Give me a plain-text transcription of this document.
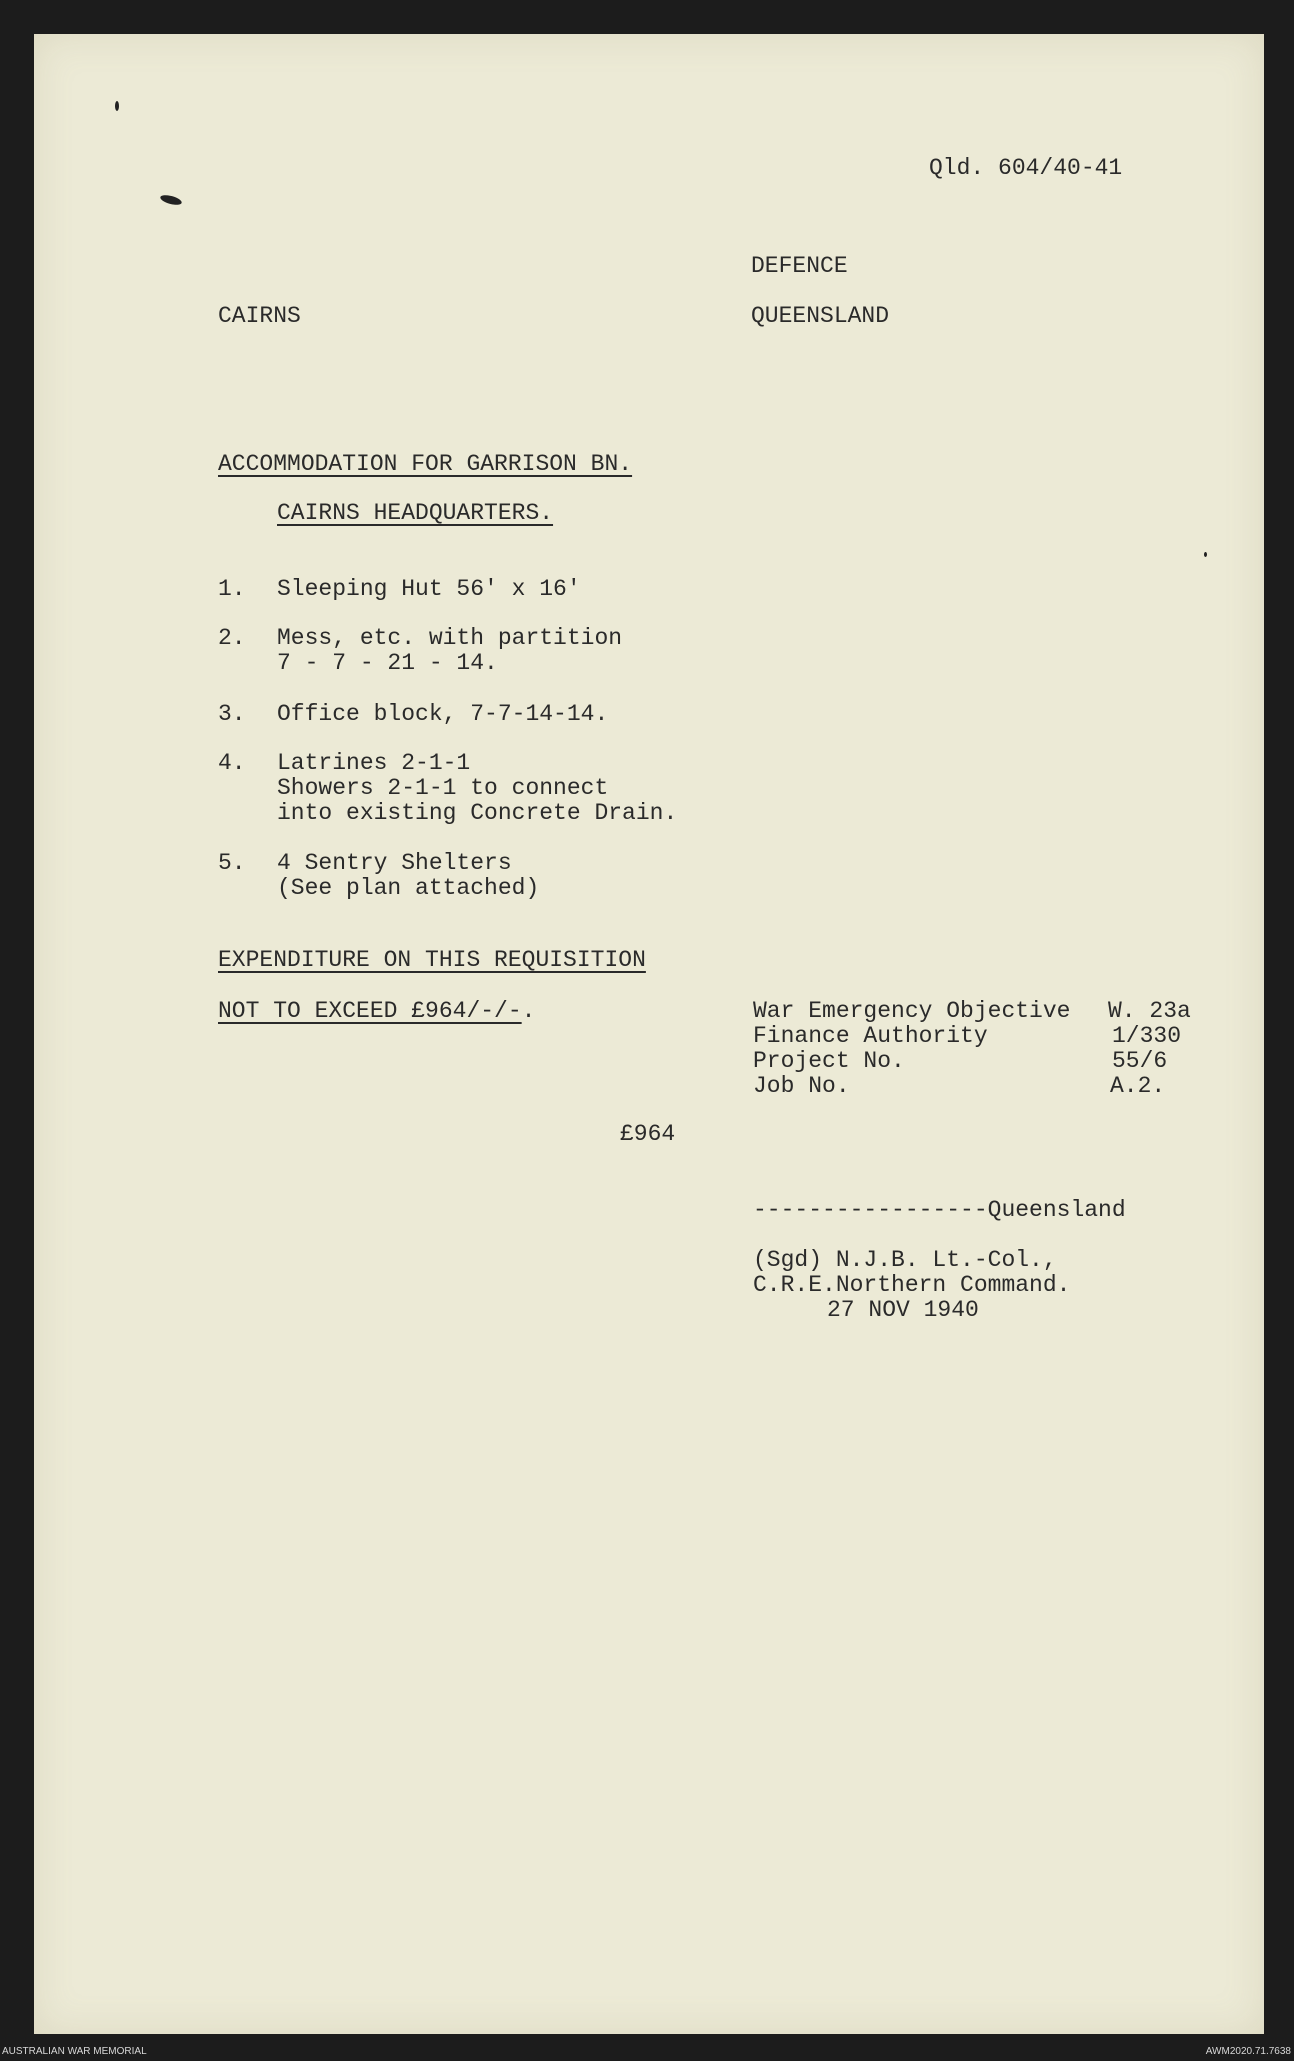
Qld. 604/40-41
DEFENCE
CAIRNS	QUEENSLAND
ACCOMMODATION FOR GARRISON BN.
CAIRNS HEADQUARTERS.
1. Sleeping Hut 56' x 16'
2. Mess, etc. with partition
7 - 7 - 21 - 14.
3. Office block, 7-7-14-14.
4. Latrines 2-1-1
Showers 2-1-1 to connect
into existing Concrete Drain.
5. 4 Sentry Shelters
(See plan attached)
EXPENDITURE ON THIS REQUISITION
NOT TO EXCEED £964/-/-.	War Emergency Objective W. 23a
Finance Authority	1/330
Project No.	55/6
Job No.	A.2.
£964
-----------------Queensland
(Sgd) N.J.B. Lt.-Col.,
C.R.E.Northern Command.
27 NOV 1940
AUSTRALIAN WAR MEMORIAL	AWM2020.71.7638
